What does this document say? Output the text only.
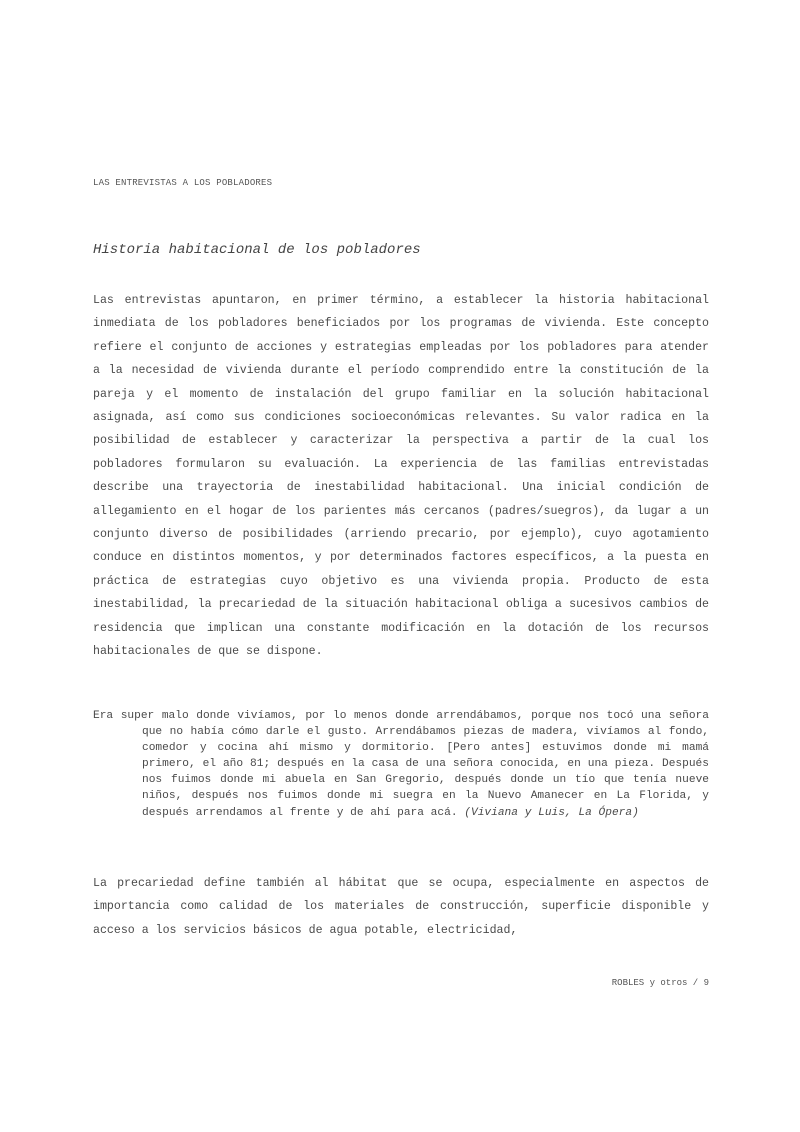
LAS ENTREVISTAS A LOS POBLADORES
Historia habitacional de los pobladores

Las entrevistas apuntaron, en primer término, a establecer la historia habitacional inmediata de los pobladores beneficiados por los programas de vivienda. Este concepto refiere el conjunto de acciones y estrategias empleadas por los pobladores para atender a la necesidad de vivienda durante el período comprendido entre la constitución de la pareja y el momento de instalación del grupo familiar en la solución habitacional asignada, así como sus condiciones socioeconómicas relevantes. Su valor radica en la posibilidad de establecer y caracterizar la perspectiva a partir de la cual los pobladores formularon su evaluación. La experiencia de las familias entrevistadas describe una trayectoria de inestabilidad habitacional. Una inicial condición de allegamiento en el hogar de los parientes más cercanos (padres/suegros), da lugar a un conjunto diverso de posibilidades (arriendo precario, por ejemplo), cuyo agotamiento conduce en distintos momentos, y por determinados factores específicos, a la puesta en práctica de estrategias cuyo objetivo es una vivienda propia. Producto de esta inestabilidad, la precariedad de la situación habitacional obliga a sucesivos cambios de residencia que implican una constante modificación en la dotación de los recursos habitacionales de que se dispone.

Era super malo donde vivíamos, por lo menos donde arrendábamos, porque nos tocó una señora que no había cómo darle el gusto. Arrendábamos piezas de madera, vivíamos al fondo, comedor y cocina ahí mismo y dormitorio. [Pero antes] estuvimos donde mi mamá primero, el año 81; después en la casa de una señora conocida, en una pieza. Después nos fuimos donde mi abuela en San Gregorio, después donde un tío que tenía nueve niños, después nos fuimos donde mi suegra en la Nuevo Amanecer en La Florida, y después arrendamos al frente y de ahí para acá. (Viviana y Luis, La Ópera)

La precariedad define también al hábitat que se ocupa, especialmente en aspectos de importancia como calidad de los materiales de construcción, superficie disponible y acceso a los servicios básicos de agua potable, electricidad,

ROBLES y otros / 9
